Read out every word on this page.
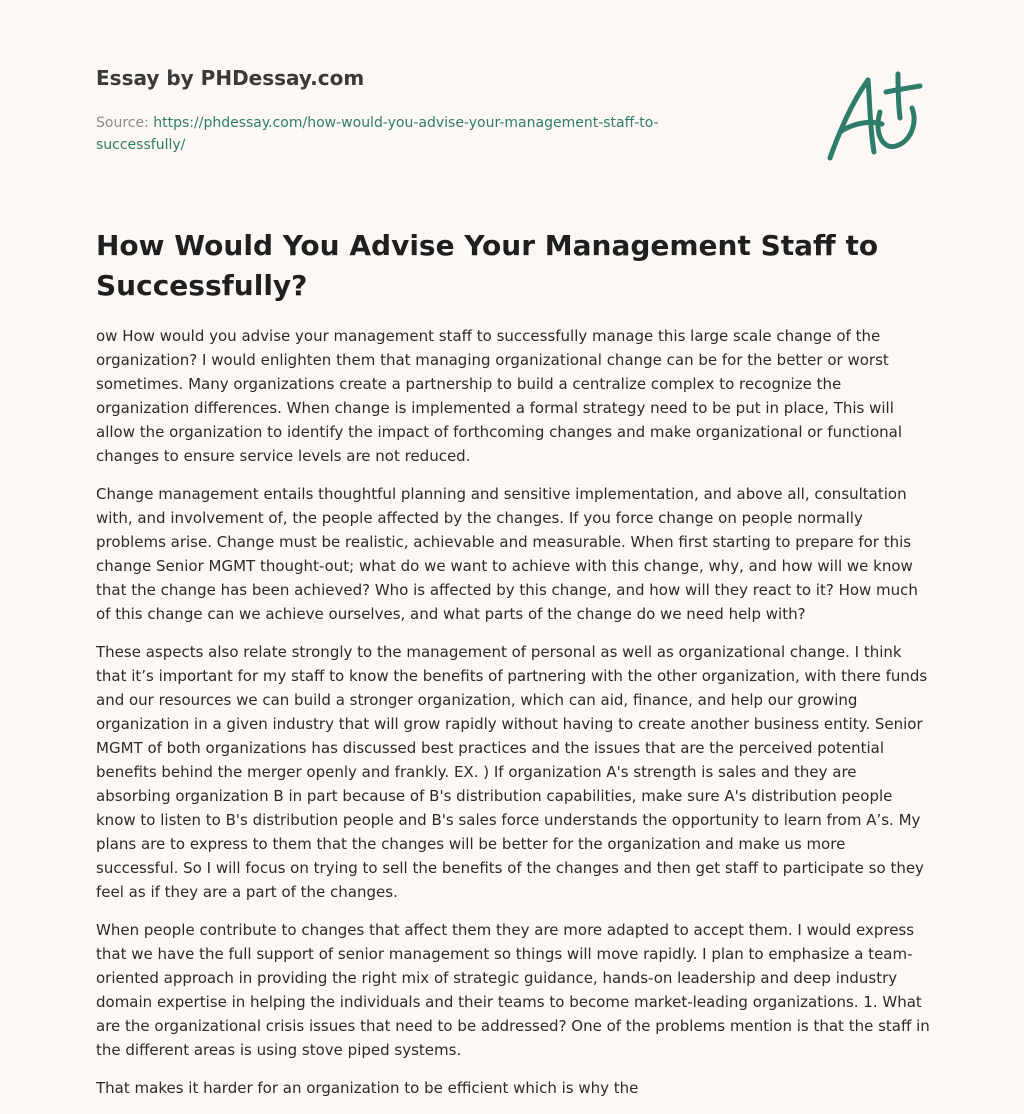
Essay by PHDessay.com
Source: https://phdessay.com/how-would-you-advise-your-management-staff-to-successfully/
How Would You Advise Your Management Staff to Successfully?

ow How would you advise your management staff to successfully manage this large scale change of the organization? I would enlighten them that managing organizational change can be for the better or worst sometimes. Many organizations create a partnership to build a centralize complex to recognize the organization differences. When change is implemented a formal strategy need to be put in place, This will allow the organization to identify the impact of forthcoming changes and make organizational or functional changes to ensure service levels are not reduced.

Change management entails thoughtful planning and sensitive implementation, and above all, consultation with, and involvement of, the people affected by the changes. If you force change on people normally problems arise. Change must be realistic, achievable and measurable. When first starting to prepare for this change Senior MGMT thought-out; what do we want to achieve with this change, why, and how will we know that the change has been achieved? Who is affected by this change, and how will they react to it? How much of this change can we achieve ourselves, and what parts of the change do we need help with?

These aspects also relate strongly to the management of personal as well as organizational change. I think that it’s important for my staff to know the benefits of partnering with the other organization, with there funds and our resources we can build a stronger organization, which can aid, finance, and help our growing organization in a given industry that will grow rapidly without having to create another business entity. Senior MGMT of both organizations has discussed best practices and the issues that are the perceived potential benefits behind the merger openly and frankly. EX. ) If organization A's strength is sales and they are absorbing organization B in part because of B's distribution capabilities, make sure A's distribution people know to listen to B's distribution people and B's sales force understands the opportunity to learn from A’s. My plans are to express to them that the changes will be better for the organization and make us more successful. So I will focus on trying to sell the benefits of the changes and then get staff to participate so they feel as if they are a part of the changes.

When people contribute to changes that affect them they are more adapted to accept them. I would express that we have the full support of senior management so things will move rapidly. I plan to emphasize a team-oriented approach in providing the right mix of strategic guidance, hands-on leadership and deep industry domain expertise in helping the individuals and their teams to become market-leading organizations. 1. What are the organizational crisis issues that need to be addressed? One of the problems mention is that the staff in the different areas is using stove piped systems.

That makes it harder for an organization to be efficient which is why the
